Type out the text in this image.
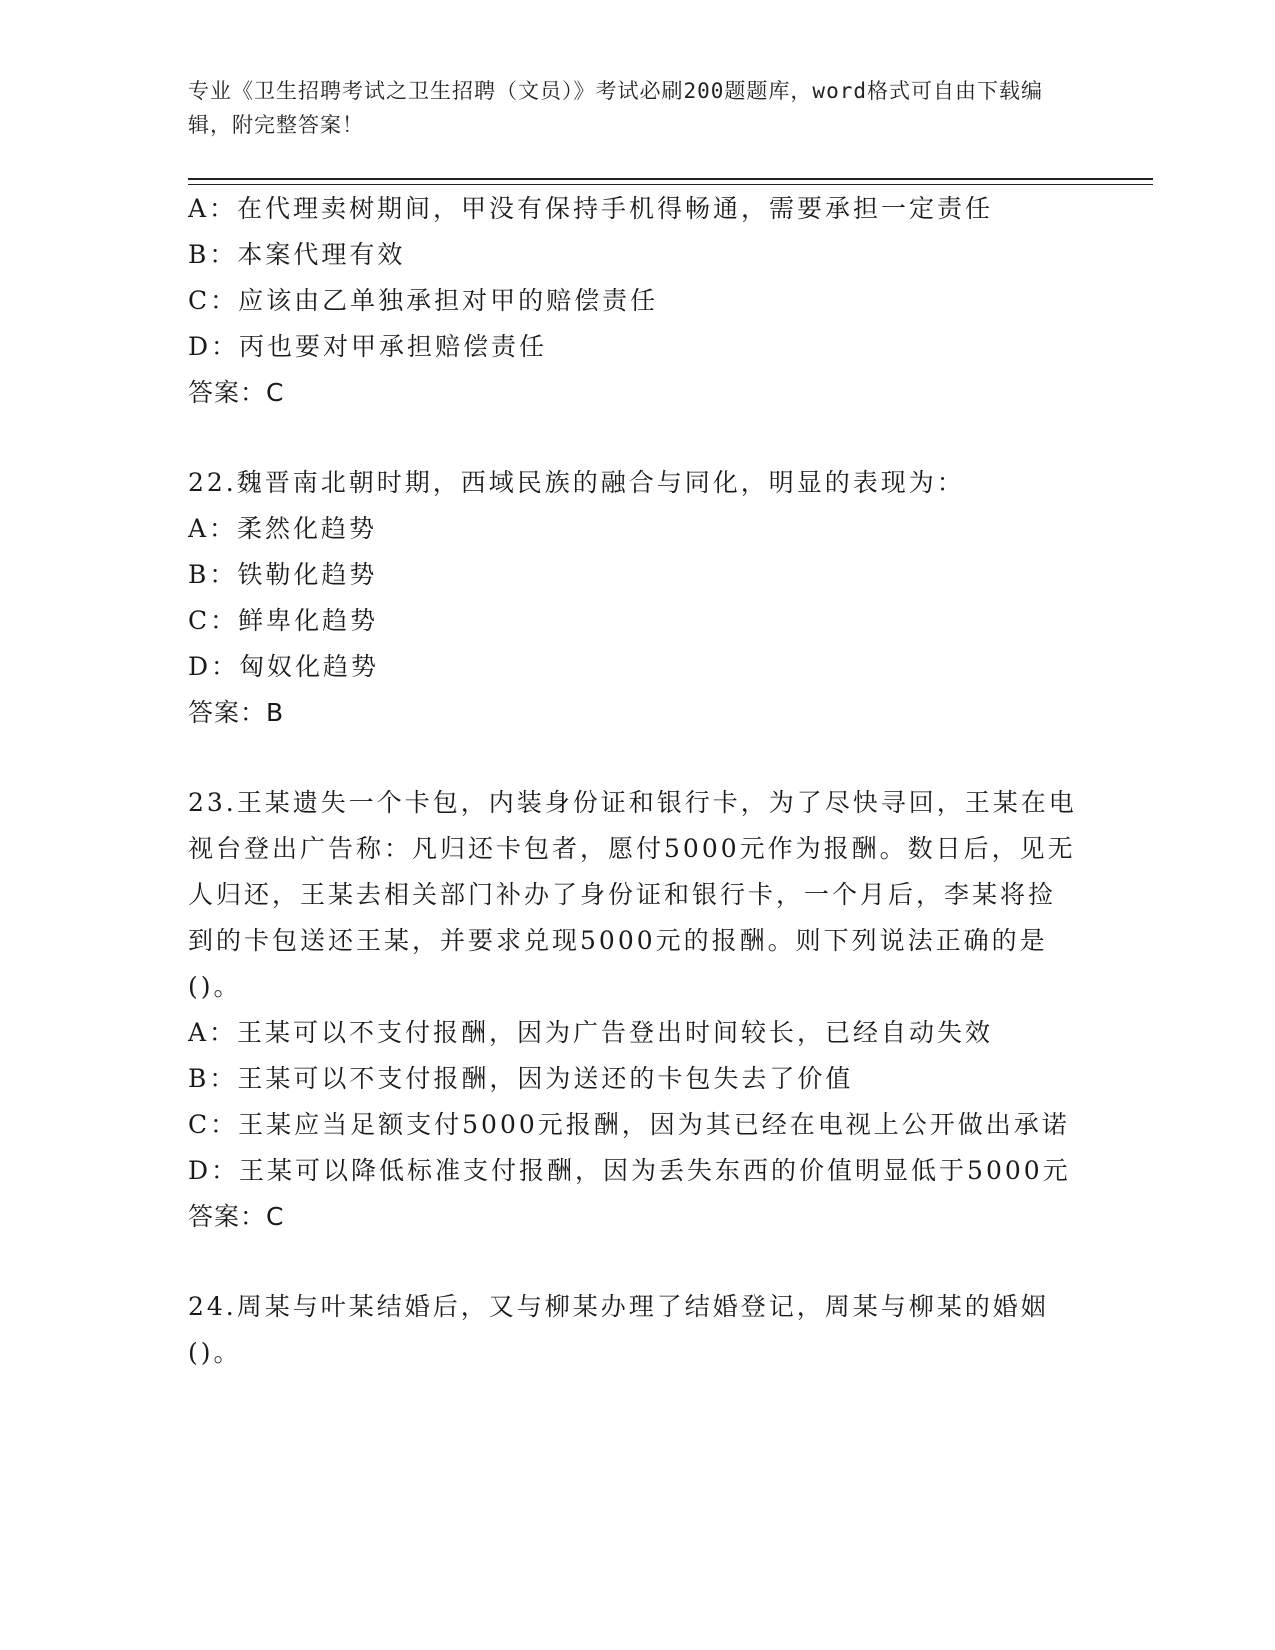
专业《卫生招聘考试之卫生招聘（文员）》考试必刷200题题库，word格式可自由下载编辑，附完整答案！
A：在代理卖树期间，甲没有保持手机得畅通，需要承担一定责任
B：本案代理有效
C：应该由乙单独承担对甲的赔偿责任
D：丙也要对甲承担赔偿责任
答案：C
22.魏晋南北朝时期，西域民族的融合与同化，明显的表现为：
A：柔然化趋势
B：铁勒化趋势
C：鲜卑化趋势
D：匈奴化趋势
答案：B
23.王某遗失一个卡包，内装身份证和银行卡，为了尽快寻回，王某在电视台登出广告称：凡归还卡包者，愿付5000元作为报酬。数日后，见无人归还，王某去相关部门补办了身份证和银行卡，一个月后，李某将捡到的卡包送还王某，并要求兑现5000元的报酬。则下列说法正确的是()。
A：王某可以不支付报酬，因为广告登出时间较长，已经自动失效
B：王某可以不支付报酬，因为送还的卡包失去了价值
C：王某应当足额支付5000元报酬，因为其已经在电视上公开做出承诺
D：王某可以降低标准支付报酬，因为丢失东西的价值明显低于5000元
答案：C
24.周某与叶某结婚后，又与柳某办理了结婚登记，周某与柳某的婚姻()。
